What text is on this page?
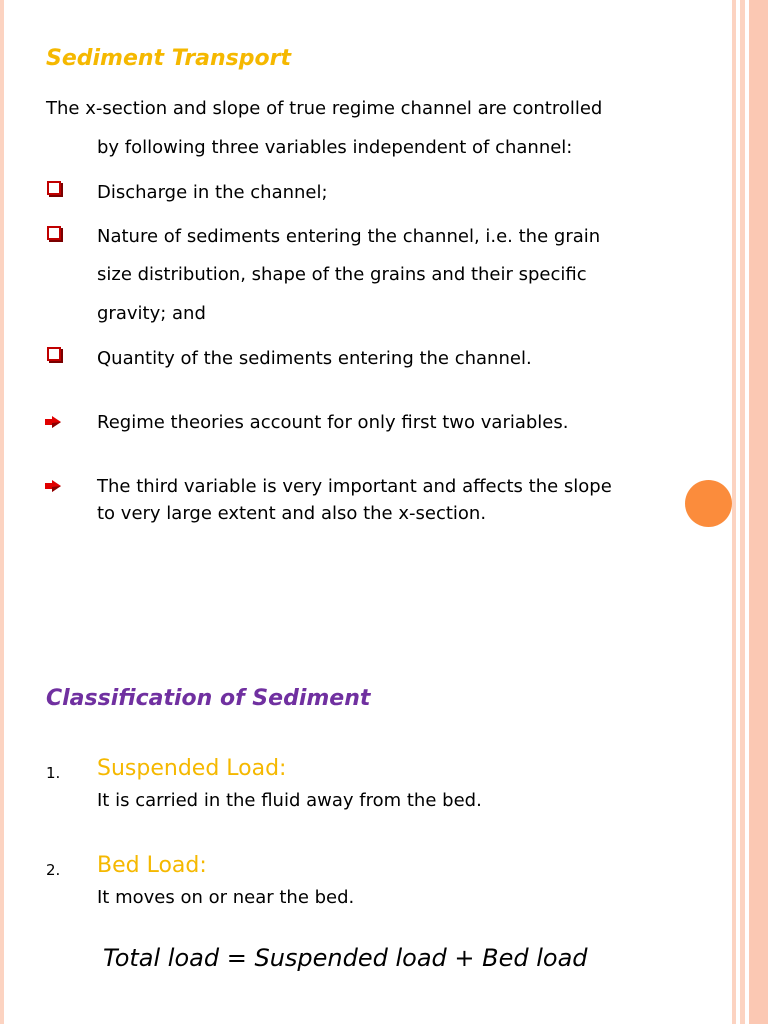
Sediment Transport
The x-section and slope of true regime channel are controlled
by following three variables independent of channel:
Discharge in the channel;
Nature of sediments entering the channel, i.e. the grain
size distribution, shape of the grains and their specific
gravity; and
Quantity of the sediments entering the channel.
Regime theories account for only first two variables.
The third variable is very important and affects the slope
to very large extent and also the x-section.
Classification of Sediment
1. Suspended Load:
It is carried in the fluid away from the bed.
2. Bed Load:
It moves on or near the bed.
Total load = Suspended load + Bed load
